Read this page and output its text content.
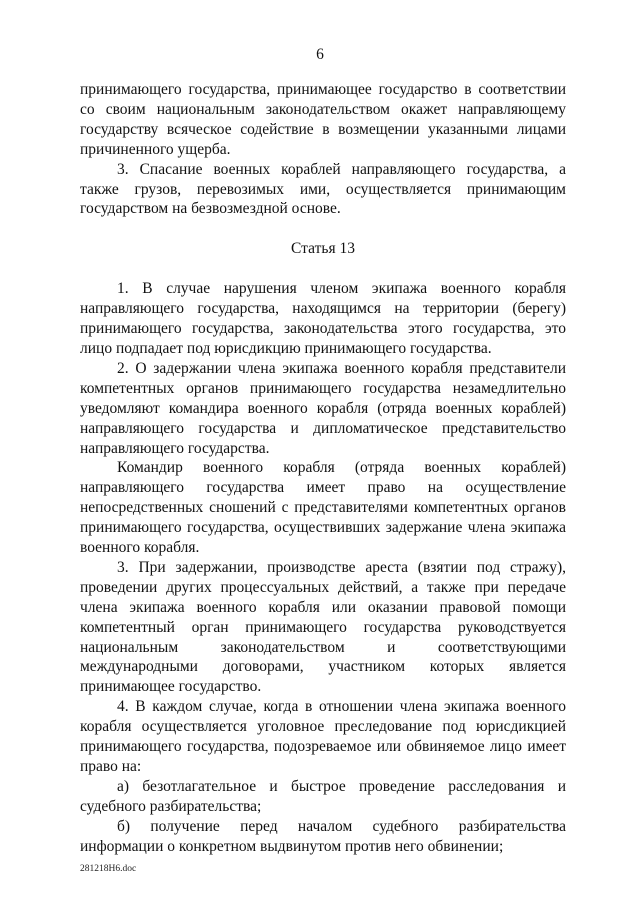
6

принимающего государства, принимающее государство в соответствии со своим национальным законодательством окажет направляющему государству всяческое содействие в возмещении указанными лицами причиненного ущерба.

3. Спасание военных кораблей направляющего государства, а также грузов, перевозимых ими, осуществляется принимающим государством на безвозмездной основе.

Статья 13

1. В случае нарушения членом экипажа военного корабля направляющего государства, находящимся на территории (берегу) принимающего государства, законодательства этого государства, это лицо подпадает под юрисдикцию принимающего государства.

2. О задержании члена экипажа военного корабля представители компетентных органов принимающего государства незамедлительно уведомляют командира военного корабля (отряда военных кораблей) направляющего государства и дипломатическое представительство направляющего государства.

Командир военного корабля (отряда военных кораблей) направляющего государства имеет право на осуществление непосредственных сношений с представителями компетентных органов принимающего государства, осуществивших задержание члена экипажа военного корабля.

3. При задержании, производстве ареста (взятии под стражу), проведении других процессуальных действий, а также при передаче члена экипажа военного корабля или оказании правовой помощи компетентный орган принимающего государства руководствуется национальным законодательством и соответствующими международными договорами, участником которых является принимающее государство.

4. В каждом случае, когда в отношении члена экипажа военного корабля осуществляется уголовное преследование под юрисдикцией принимающего государства, подозреваемое или обвиняемое лицо имеет право на:

а) безотлагательное и быстрое проведение расследования и судебного разбирательства;

б) получение перед началом судебного разбирательства информации о конкретном выдвинутом против него обвинении;

281218Н6.doc
